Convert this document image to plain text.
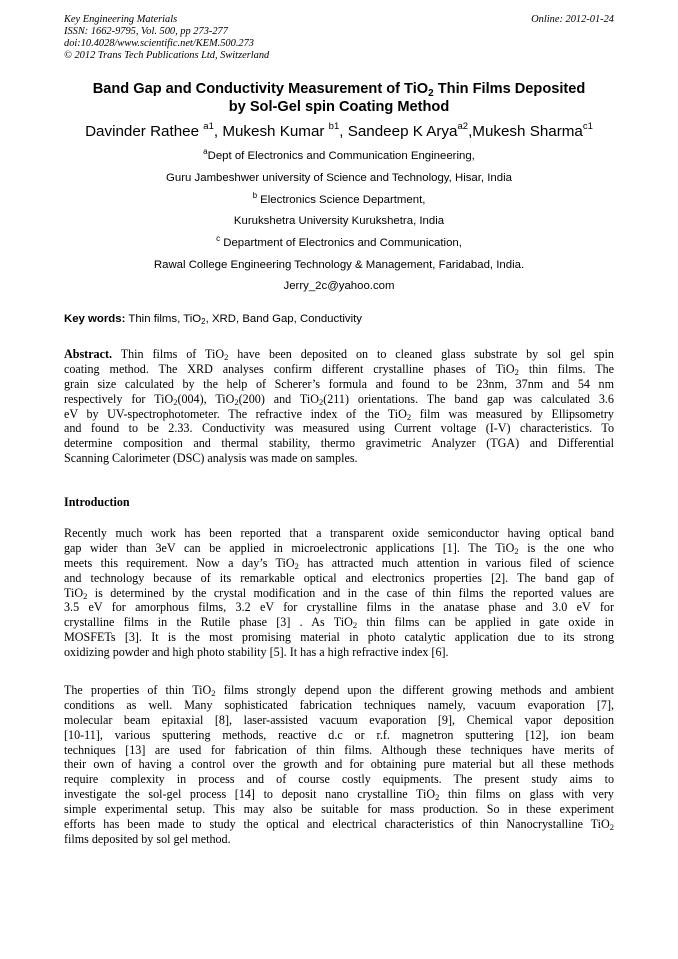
Key Engineering Materials
ISSN: 1662-9795, Vol. 500, pp 273-277
doi:10.4028/www.scientific.net/KEM.500.273
© 2012 Trans Tech Publications Ltd, Switzerland
Online: 2012-01-24
Band Gap and Conductivity Measurement of TiO$_2$ Thin Films Deposited
by Sol-Gel spin Coating Method
Davinder Rathee $^{a1}$, Mukesh Kumar $^{b1}$, Sandeep K Arya$^{a2}$,Mukesh Sharma$^{c1}$
$^a$Dept of Electronics and Communication Engineering,
Guru Jambeshwer university of Science and Technology, Hisar, India
$^b$ Electronics Science Department,
Kurukshetra University Kurukshetra, India
$^c$ Department of Electronics and Communication,
Rawal College Engineering Technology & Management, Faridabad, India.
Jerry_2c@yahoo.com
Key words: Thin films, TiO$_2$, XRD, Band Gap, Conductivity
Abstract. Thin films of TiO$_2$ have been deposited on to cleaned glass substrate by sol gel spin
coating method. The XRD analyses confirm different crystalline phases of TiO$_2$ thin films. The
grain size calculated by the help of Scherer’s formula and found to be 23nm, 37nm and 54 nm
respectively for TiO$_2$(004), TiO$_2$(200) and TiO$_2$(211) orientations. The band gap was calculated 3.6
eV by UV-spectrophotometer. The refractive index of the TiO$_2$ film was measured by Ellipsometry
and found to be 2.33. Conductivity was measured using Current voltage (I-V) characteristics. To
determine composition and thermal stability, thermo gravimetric Analyzer (TGA) and Differential
Scanning Calorimeter (DSC) analysis was made on samples.
Introduction
Recently much work has been reported that a transparent oxide semiconductor having optical band
gap wider than 3eV can be applied in microelectronic applications [1]. The TiO$_2$ is the one who
meets this requirement. Now a day’s TiO$_2$ has attracted much attention in various filed of science
and technology because of its remarkable optical and electronics properties [2]. The band gap of
TiO$_2$ is determined by the crystal modification and in the case of thin films the reported values are
3.5 eV for amorphous films, 3.2 eV for crystalline films in the anatase phase and 3.0 eV for
crystalline films in the Rutile phase [3] . As TiO$_2$ thin films can be applied in gate oxide in
MOSFETs [3]. It is the most promising material in photo catalytic application due to its strong
oxidizing powder and high photo stability [5]. It has a high refractive index [6].
The properties of thin TiO$_2$ films strongly depend upon the different growing methods and ambient
conditions as well. Many sophisticated fabrication techniques namely, vacuum evaporation [7],
molecular beam epitaxial [8], laser-assisted vacuum evaporation [9], Chemical vapor deposition
[10-11], various sputtering methods, reactive d.c or r.f. magnetron sputtering [12], ion beam
techniques [13] are used for fabrication of thin films. Although these techniques have merits of
their own of having a control over the growth and for obtaining pure material but all these methods
require complexity in process and of course costly equipments. The present study aims to
investigate the sol-gel process [14] to deposit nano crystalline TiO$_2$ thin films on glass with very
simple experimental setup. This may also be suitable for mass production. So in these experiment
efforts has been made to study the optical and electrical characteristics of thin Nanocrystalline TiO$_2$
films deposited by sol gel method.
